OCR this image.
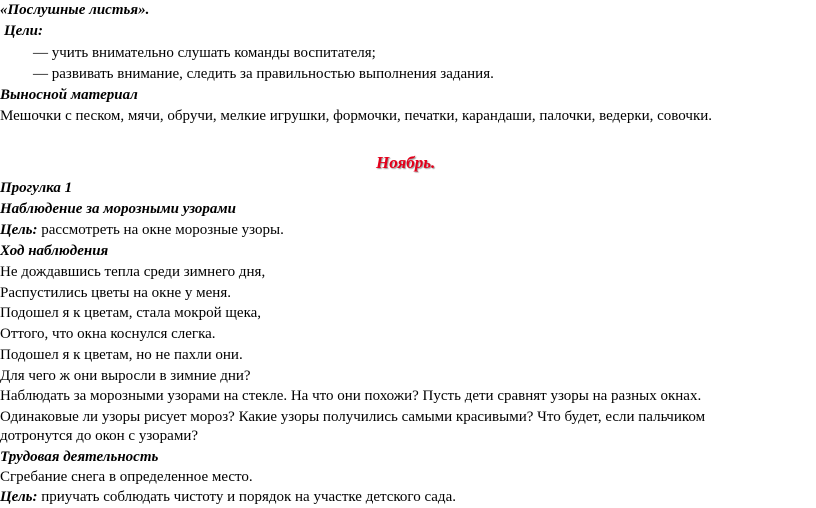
«Послушные листья».
Цели:
— учить внимательно слушать команды воспитателя;
— развивать внимание, следить за правильностью выполнения задания.
Выносной материал
Мешочки с песком, мячи, обручи, мелкие игрушки, формочки, печатки, карандаши, палочки, ведерки, совочки.
Ноябрь.
Прогулка 1
Наблюдение за морозными узорами
Цель: рассмотреть на окне морозные узоры.
Ход наблюдения
Не дождавшись тепла среди зимнего дня,
Распустились цветы на окне у меня.
Подошел я к цветам, стала мокрой щека,
Оттого, что окна коснулся слегка.
Подошел я к цветам, но не пахли они.
Для чего ж они выросли в зимние дни?
Наблюдать за морозными узорами на стекле. На что они похожи? Пусть дети сравнят узоры на разных окнах.
Одинаковые ли узоры рисует мороз? Какие узоры получились самыми красивыми? Что будет, если пальчиком
дотронутся до окон с узорами?
Трудовая деятельность
Сгребание снега в определенное место.
Цель: приучать соблюдать чистоту и порядок на участке детского сада.
